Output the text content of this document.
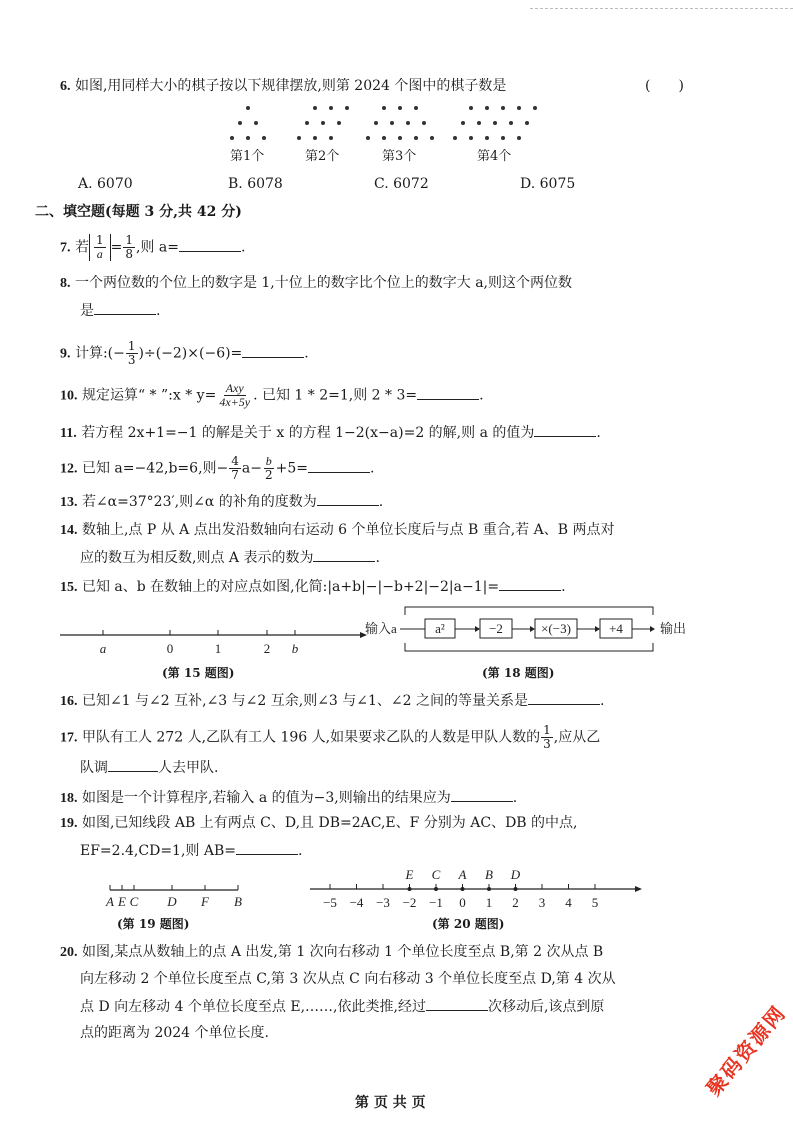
6. 如图,用同样大小的棋子按以下规律摆放,则第 2024 个图中的棋子数是	(　　)
第1个	第2个	第3个	第4个
A. 6070	B. 6078	C. 6072	D. 6075
二、填空题(每题 3 分,共 42 分)
7. 若 $\frac{1}{a} = \frac{1}{8}$ ,则 a=	.
8. 一个两位数的个位上的数字是 1,十位上的数字比个位上的数字大 a,则这个两位数
是	.
9. 计算:(− $\frac{1}{3} )\div(-2)\times(-6)=$	.
10. 规定运算“ * ”:x * $y= \frac{\text{Axy}}{4x+5y}$ . 已知 1 * 2=1,则 2 * 3=	.
11. 若方程 2x+1=−1 的解是关于 x 的方程 1−2(x−a)=2 的解,则 a 的值为	.
12. 已知 a=−42,b=6,则− $\frac{4}{7} a- \frac{b}{2} +5=$	.
13. 若∠α=37°23′,则∠α 的补角的度数为	.
14. 数轴上,点 P 从 A 点出发沿数轴向右运动 6 个单位长度后与点 B 重合,若 A、B 两点对
应的数互为相反数,则点 A 表示的数为	.
15. 已知 a、b 在数轴上的对应点如图,化简:|a+b|−|−b+2|−2|a−1|=	.
a	0	1	2 b
(第 15 题图)
输入a	a²	−2	×(−3)	+4	输出
(第 18 题图)
16. 已知∠1 与∠2 互补,∠3 与∠2 互余,则∠3 与∠1、∠2 之间的等量关系是	.
17. 甲队有工人 272 人,乙队有工人 196 人,如果要求乙队的人数是甲队人数的 $\frac{1}{3}$ ,应从乙
队调	人去甲队.
18. 如图是一个计算程序,若输入 a 的值为−3,则输出的结果应为	.
19. 如图,已知线段 AB 上有两点 C、D,且 DB=2AC,E、F 分别为 AC、DB 的中点,
EF=2.4,CD=1,则 AB=	.
A E C D F B
(第 19 题图)
−5 −4 −3 −2 −1 0 1 2 3 4 5
E C A B D
(第 20 题图)
20. 如图,某点从数轴上的点 A 出发,第 1 次向右移动 1 个单位长度至点 B,第 2 次从点 B
向左移动 2 个单位长度至点 C,第 3 次从点 C 向右移动 3 个单位长度至点 D,第 4 次从
点 D 向左移动 4 个单位长度至点 E,……,依此类推,经过	次移动后,该点到原
点的距离为 2024 个单位长度.
第 页 共 页
聚码资源网
